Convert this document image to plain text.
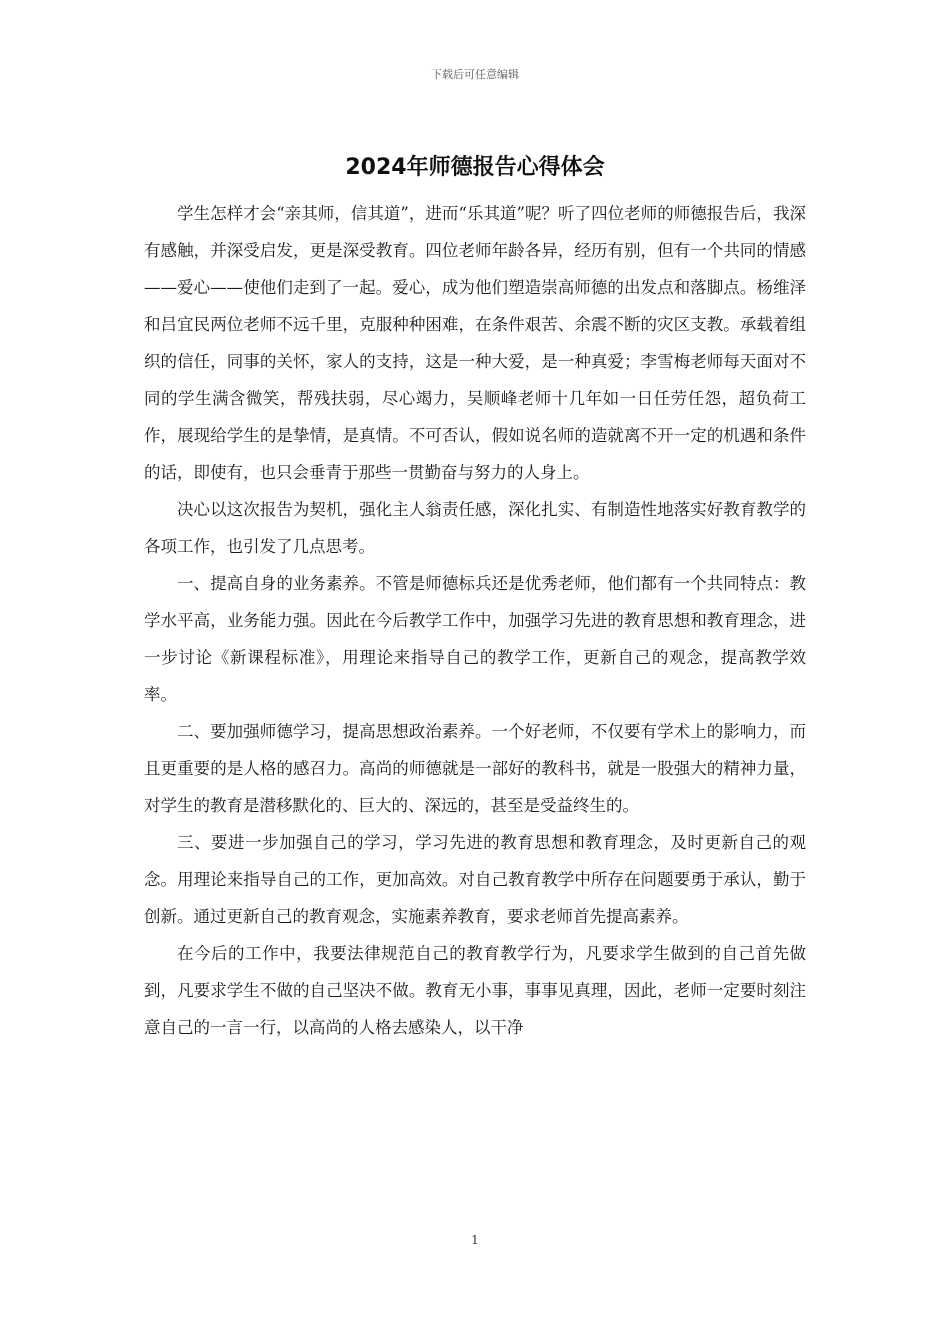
下载后可任意编辑
2024年师德报告心得体会

学生怎样才会“亲其师，信其道”，进而“乐其道”呢？听了四位老师的师德报告后，我深有感触，并深受启发，更是深受教育。四位老师年龄各异，经历有别，但有一个共同的情感——爱心——使他们走到了一起。爱心，成为他们塑造崇高师德的出发点和落脚点。杨维泽和吕宜民两位老师不远千里，克服种种困难，在条件艰苦、余震不断的灾区支教。承载着组织的信任，同事的关怀，家人的支持，这是一种大爱，是一种真爱；李雪梅老师每天面对不同的学生满含微笑，帮残扶弱，尽心竭力，吴顺峰老师十几年如一日任劳任怨，超负荷工作，展现给学生的是挚情，是真情。不可否认，假如说名师的造就离不开一定的机遇和条件的话，即使有，也只会垂青于那些一贯勤奋与努力的人身上。

决心以这次报告为契机，强化主人翁责任感，深化扎实、有制造性地落实好教育教学的各项工作，也引发了几点思考。

一、提高自身的业务素养。不管是师德标兵还是优秀老师，他们都有一个共同特点：教学水平高，业务能力强。因此在今后教学工作中，加强学习先进的教育思想和教育理念，进一步讨论《新课程标准》，用理论来指导自己的教学工作，更新自己的观念，提高教学效率。

二、要加强师德学习，提高思想政治素养。一个好老师，不仅要有学术上的影响力，而且更重要的是人格的感召力。高尚的师德就是一部好的教科书，就是一股强大的精神力量，对学生的教育是潜移默化的、巨大的、深远的，甚至是受益终生的。

三、要进一步加强自己的学习，学习先进的教育思想和教育理念，及时更新自己的观念。用理论来指导自己的工作，更加高效。对自己教育教学中所存在问题要勇于承认，勤于创新。通过更新自己的教育观念，实施素养教育，要求老师首先提高素养。

在今后的工作中，我要法律规范自己的教育教学行为，凡要求学生做到的自己首先做到，凡要求学生不做的自己坚决不做。教育无小事，事事见真理，因此，老师一定要时刻注意自己的一言一行，以高尚的人格去感染人，以干净

1
